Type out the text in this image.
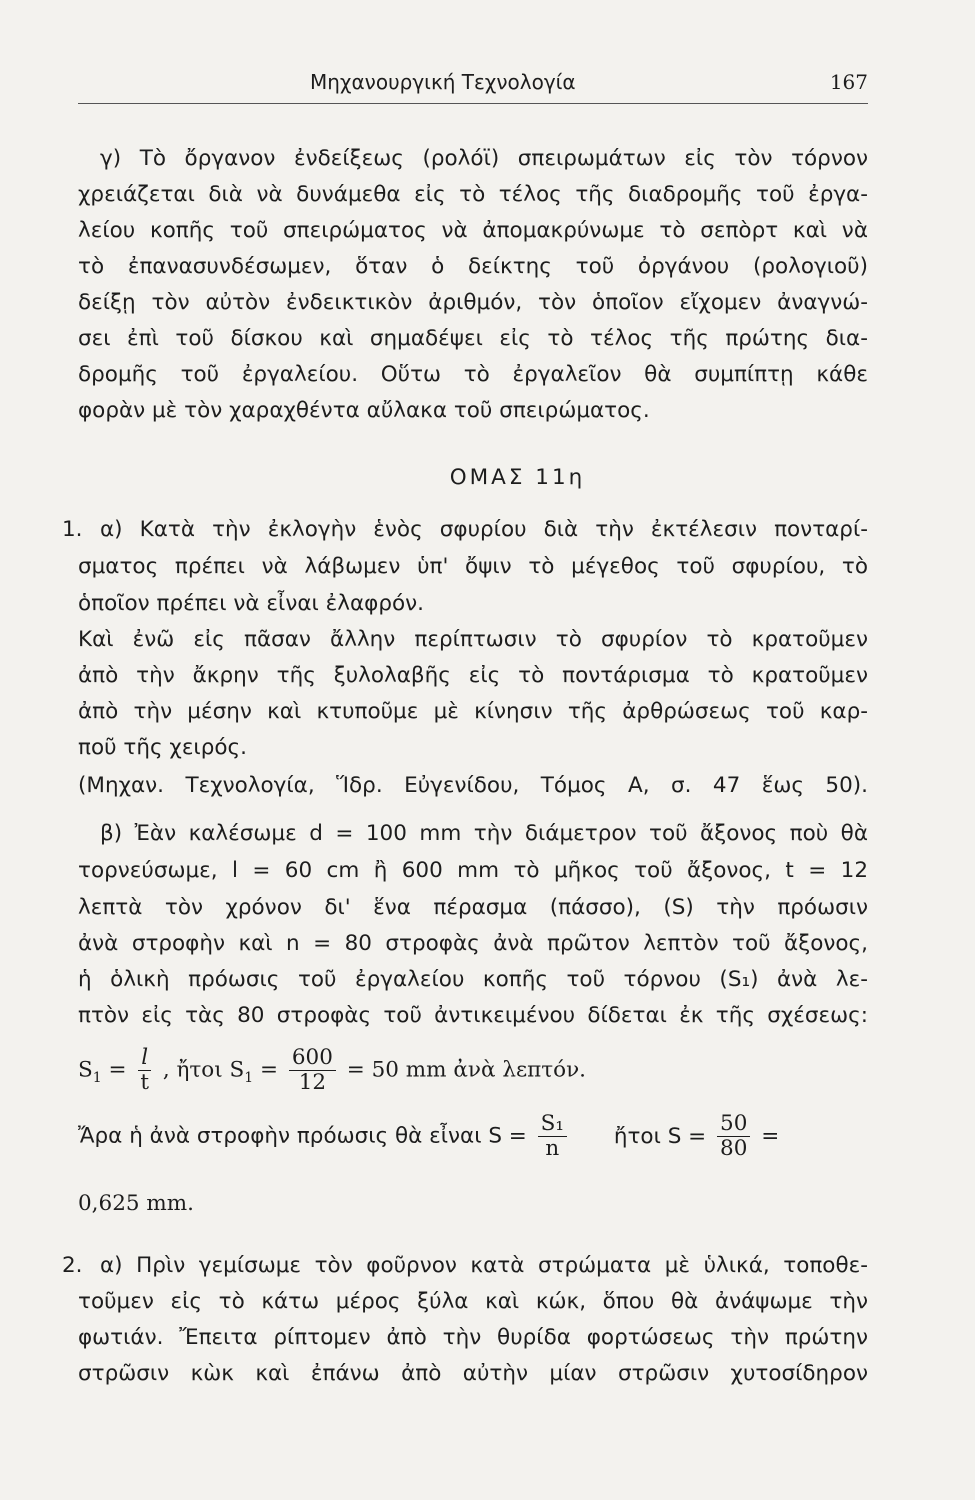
Μηχανουργική Τεχνολογία	167
γ) Τὸ ὄργανον ἐνδείξεως (ρολόϊ) σπειρωμάτων εἰς τὸν τόρνον
χρειάζεται διὰ νὰ δυνάμεθα εἰς τὸ τέλος τῆς διαδρομῆς τοῦ ἐργα-
λείου κοπῆς τοῦ σπειρώματος νὰ ἀπομακρύνωμε τὸ σεπὸρτ καὶ νὰ
τὸ ἐπανασυνδέσωμεν, ὅταν ὁ δείκτης τοῦ ὀργάνου (ρολογιοῦ)
δείξῃ τὸν αὐτὸν ἐνδεικτικὸν ἀριθμόν, τὸν ὁποῖον εἴχομεν ἀναγνώ-
σει ἐπὶ τοῦ δίσκου καὶ σημαδέψει εἰς τὸ τέλος τῆς πρώτης δια-
δρομῆς τοῦ ἐργαλείου. Οὕτω τὸ ἐργαλεῖον θὰ συμπίπτῃ κάθε
φορὰν μὲ τὸν χαραχθέντα αὔλακα τοῦ σπειρώματος.
ΟΜΑΣ 11η
1. α) Κατὰ τὴν ἐκλογὴν ἑνὸς σφυρίου διὰ τὴν ἐκτέλεσιν πονταρί-
σματος πρέπει νὰ λάβωμεν ὑπ' ὄψιν τὸ μέγεθος τοῦ σφυρίου, τὸ
ὁποῖον πρέπει νὰ εἶναι ἐλαφρόν.
Καὶ ἐνῶ εἰς πᾶσαν ἄλλην περίπτωσιν τὸ σφυρίον τὸ κρατοῦμεν
ἀπὸ τὴν ἄκρην τῆς ξυλολαβῆς εἰς τὸ ποντάρισμα τὸ κρατοῦμεν
ἀπὸ τὴν μέσην καὶ κτυποῦμε μὲ κίνησιν τῆς ἀρθρώσεως τοῦ καρ-
ποῦ τῆς χειρός.
(Μηχαν. Τεχνολογία, Ἵδρ. Εὐγενίδου, Τόμος Α, σ. 47 ἕως 50).
β) Ἐὰν καλέσωμε d = 100 mm τὴν διάμετρον τοῦ ἄξονος ποὺ θὰ
τορνεύσωμε, l = 60 cm ἢ 600 mm τὸ μῆκος τοῦ ἄξονος, t = 12
λεπτὰ τὸν χρόνον δι' ἕνα πέρασμα (πάσσο), (S) τὴν πρόωσιν
ἀνὰ στροφὴν καὶ n = 80 στροφὰς ἀνὰ πρῶτον λεπτὸν τοῦ ἄξονος,
ἡ ὁλικὴ πρόωσις τοῦ ἐργαλείου κοπῆς τοῦ τόρνου (S₁) ἀνὰ λε-
πτὸν εἰς τὰς 80 στροφὰς τοῦ ἀντικειμένου δίδεται ἐκ τῆς σχέσεως:
$S_1 = \frac{l}{t}$ , ἤτοι $S_1 = \frac{600}{12} = 50$ mm ἀνὰ λεπτόν.
Ἄρα ἡ ἀνὰ στροφὴν πρόωσις θὰ εἶναι $S = \frac{\text{S₁}}{n}$ ἤτοι $S = \frac{50}{80}$ =
0,625 mm.
2. α) Πρὶν γεμίσωμε τὸν φοῦρνον κατὰ στρώματα μὲ ὑλικά, τοποθε-
τοῦμεν εἰς τὸ κάτω μέρος ξύλα καὶ κώκ, ὅπου θὰ ἀνάψωμε τὴν
φωτιάν. Ἔπειτα ρίπτομεν ἀπὸ τὴν θυρίδα φορτώσεως τὴν πρώτην
στρῶσιν κὼκ καὶ ἐπάνω ἀπὸ αὐτὴν μίαν στρῶσιν χυτοσίδηρον
